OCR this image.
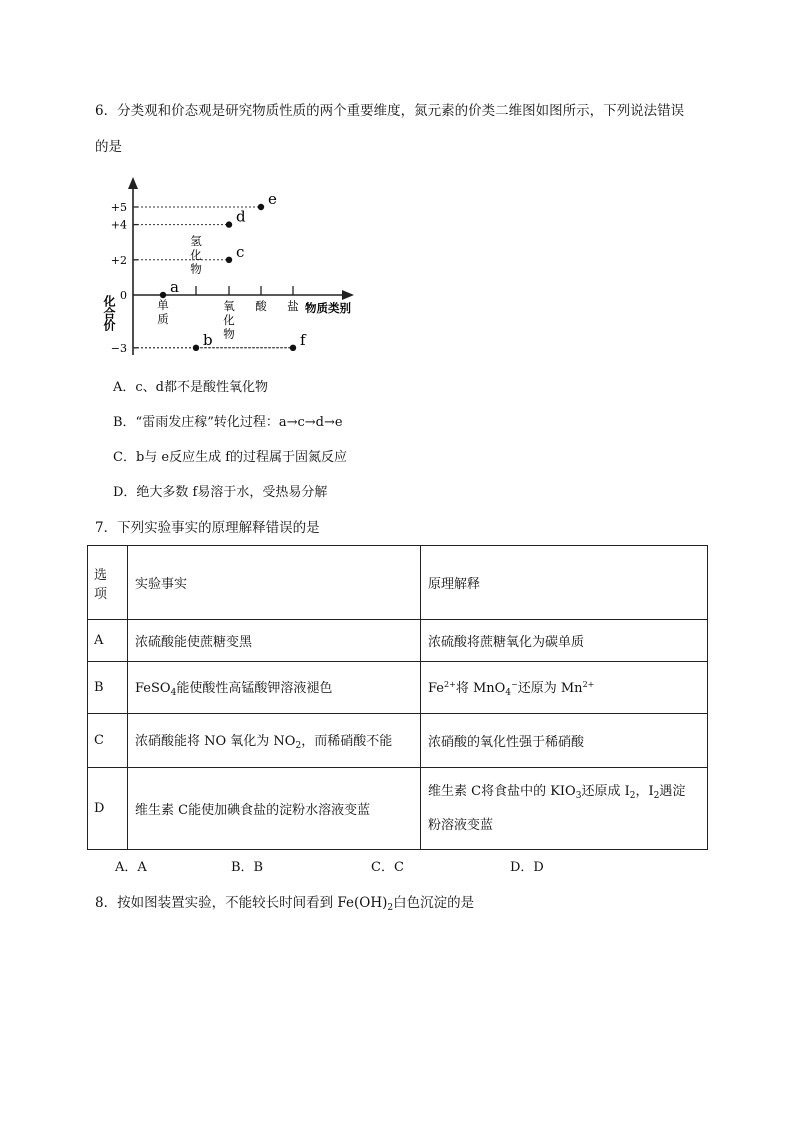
6．分类观和价态观是研究物质性质的两个重要维度，氮元素的价类二维图如图所示，下列说法错误
的是
+5
+4
+2
0
−3
单
质
氢
化
物
氧
化
物
酸 盐
a
b
c
d
e
f
化合价	物质类别
A．c、d都不是酸性氧化物
B．“雷雨发庄稼”转化过程：a→c→d→e
C．b与 e反应生成 f的过程属于固氮反应
D．绝大多数 f易溶于水，受热易分解
7．下列实验事实的原理解释错误的是
选
项	实验事实	原理解释
A	浓硫酸能使蔗糖变黑	浓硫酸将蔗糖氧化为碳单质
B	FeSO$_4$能使酸性高锰酸钾溶液褪色	$Fe^{2+}$将 MnO$_4$−还原为 $Mn^{2+}$
C	浓硝酸能将 NO 氧化为 $NO_2$，而稀硝酸不能	浓硝酸的氧化性强于稀硝酸
D	维生素 C能使加碘食盐的淀粉水溶液变蓝	维生素 C将食盐中的 $KIO_3$还原成 $I_2$，$I_2$遇淀
粉溶液变蓝
A．A	B．B	C．C	D．D
8．按如图装置实验，不能较长时间看到 $Fe(OH)_2$白色沉淀的是
